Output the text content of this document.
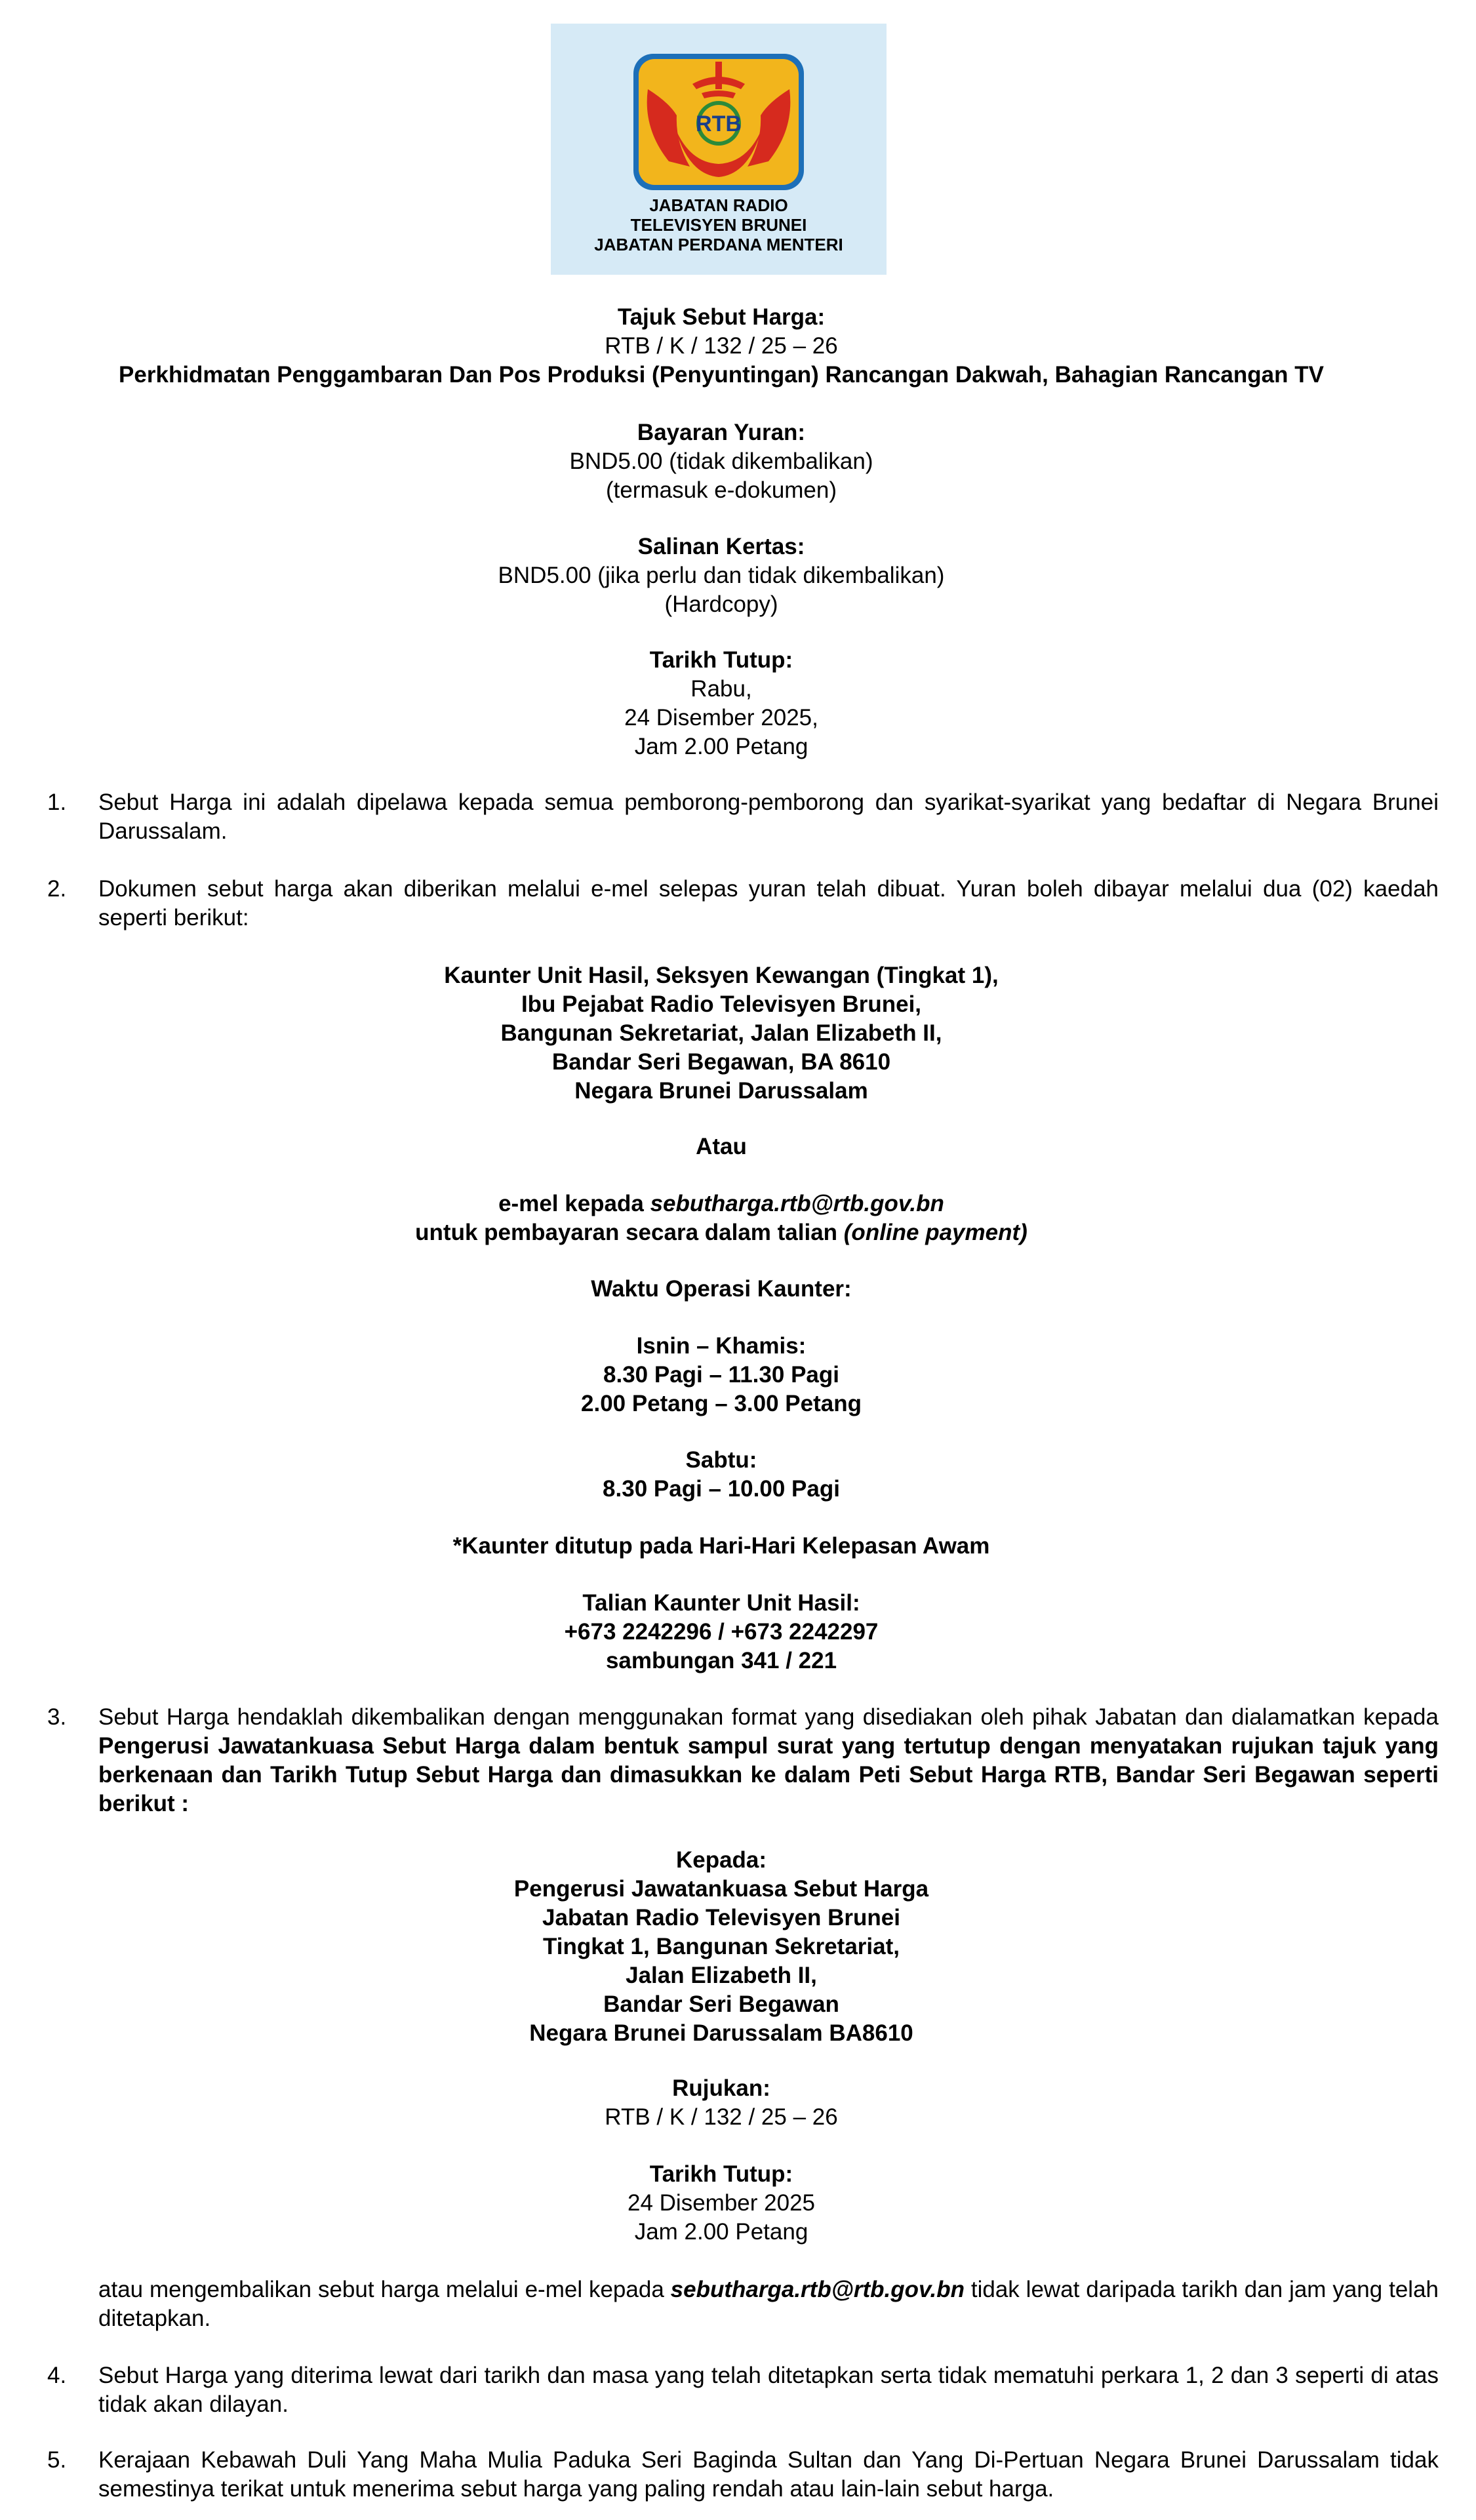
RTB
JABATAN RADIO
TELEVISYEN BRUNEI
JABATAN PERDANA MENTERI
Tajuk Sebut Harga:
RTB / K / 132 / 25 – 26
Perkhidmatan Penggambaran Dan Pos Produksi (Penyuntingan) Rancangan Dakwah, Bahagian Rancangan TV
Bayaran Yuran:
BND5.00 (tidak dikembalikan)
(termasuk e-dokumen)
Salinan Kertas:
BND5.00 (jika perlu dan tidak dikembalikan)
(Hardcopy)
Tarikh Tutup:
Rabu,
24 Disember 2025,
Jam 2.00 Petang
1.	Sebut Harga ini adalah dipelawa kepada semua pemborong-pemborong dan syarikat-syarikat yang bedaftar di Negara Brunei Darussalam.
2.	Dokumen sebut harga akan diberikan melalui e-mel selepas yuran telah dibuat. Yuran boleh dibayar melalui dua (02) kaedah seperti berikut:
Kaunter Unit Hasil, Seksyen Kewangan (Tingkat 1),
Ibu Pejabat Radio Televisyen Brunei,
Bangunan Sekretariat, Jalan Elizabeth II,
Bandar Seri Begawan, BA 8610
Negara Brunei Darussalam
Atau
e-mel kepada sebutharga.rtb@rtb.gov.bn
untuk pembayaran secara dalam talian (online payment)
Waktu Operasi Kaunter:
Isnin – Khamis:
8.30 Pagi – 11.30 Pagi
2.00 Petang – 3.00 Petang
Sabtu:
8.30 Pagi – 10.00 Pagi
*Kaunter ditutup pada Hari-Hari Kelepasan Awam
Talian Kaunter Unit Hasil:
+673 2242296 / +673 2242297
sambungan 341 / 221
3.	Sebut Harga hendaklah dikembalikan dengan menggunakan format yang disediakan oleh pihak Jabatan dan dialamatkan kepada Pengerusi Jawatankuasa Sebut Harga dalam bentuk sampul surat yang tertutup dengan menyatakan rujukan tajuk yang berkenaan dan Tarikh Tutup Sebut Harga dan dimasukkan ke dalam Peti Sebut Harga RTB, Bandar Seri Begawan seperti berikut :
Kepada:
Pengerusi Jawatankuasa Sebut Harga
Jabatan Radio Televisyen Brunei
Tingkat 1, Bangunan Sekretariat,
Jalan Elizabeth II,
Bandar Seri Begawan
Negara Brunei Darussalam BA8610
Rujukan:
RTB / K / 132 / 25 – 26
Tarikh Tutup:
24 Disember 2025
Jam 2.00 Petang
atau mengembalikan sebut harga melalui e-mel kepada sebutharga.rtb@rtb.gov.bn tidak lewat daripada tarikh dan jam yang telah ditetapkan.
4.	Sebut Harga yang diterima lewat dari tarikh dan masa yang telah ditetapkan serta tidak mematuhi perkara 1, 2 dan 3 seperti di atas tidak akan dilayan.
5.	Kerajaan Kebawah Duli Yang Maha Mulia Paduka Seri Baginda Sultan dan Yang Di-Pertuan Negara Brunei Darussalam tidak semestinya terikat untuk menerima sebut harga yang paling rendah atau lain-lain sebut harga.
